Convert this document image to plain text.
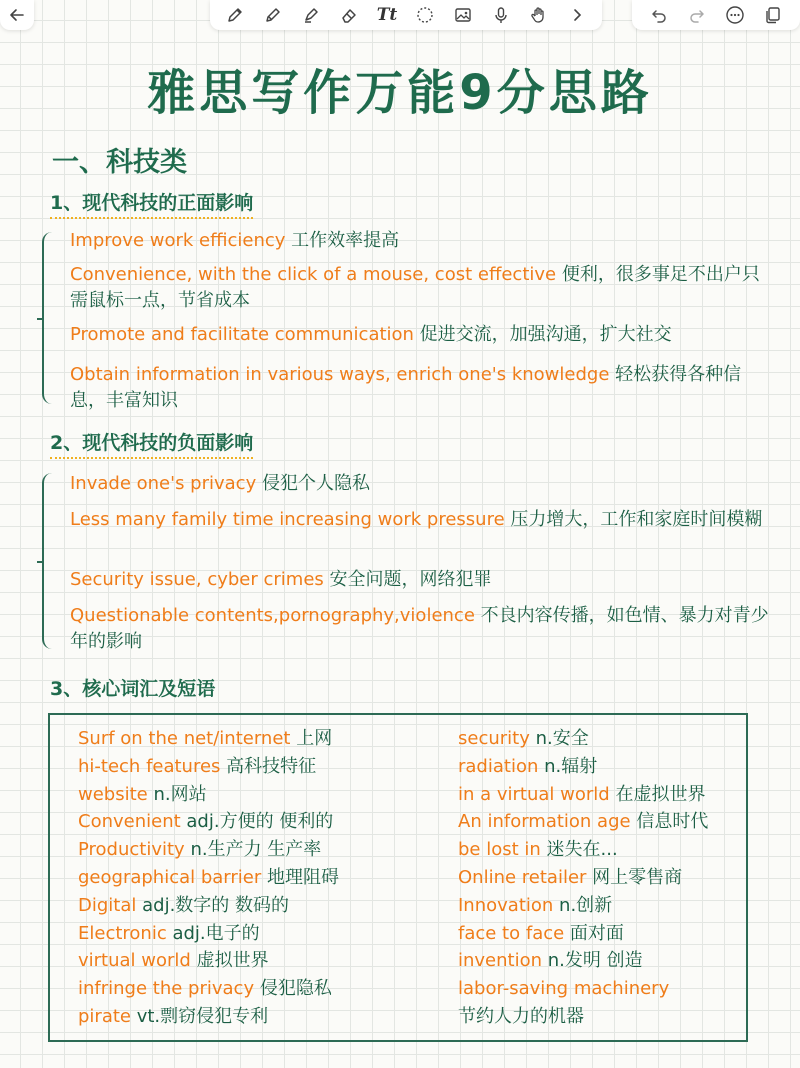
Tt
雅思写作万能9分思路
一、科技类
1、现代科技的正面影响
Improve work efficiency 工作效率提高
Convenience, with the click of a mouse, cost effective 便利，很多事足不出户只需鼠标一点，节省成本
Promote and facilitate communication 促进交流，加强沟通，扩大社交
Obtain information in various ways, enrich one's knowledge 轻松获得各种信息，丰富知识
2、现代科技的负面影响
Invade one's privacy 侵犯个人隐私
Less many family time increasing work pressure 压力增大，工作和家庭时间模糊
Security issue, cyber crimes 安全问题，网络犯罪
Questionable contents,pornography,violence 不良内容传播，如色情、暴力对青少年的影响
3、核心词汇及短语
Surf on the net/internet 上网
hi-tech features 高科技特征
website n.网站
Convenient adj.方便的 便利的
Productivity n.生产力 生产率
geographical barrier 地理阻碍
Digital adj.数字的 数码的
Electronic adj.电子的
virtual world 虚拟世界
infringe the privacy 侵犯隐私
pirate vt.剽窃侵犯专利
security n.安全
radiation n.辐射
in a virtual world 在虚拟世界
An information age 信息时代
be lost in 迷失在...
Online retailer 网上零售商
Innovation n.创新
face to face 面对面
invention n.发明 创造
labor-saving machinery
节约人力的机器
